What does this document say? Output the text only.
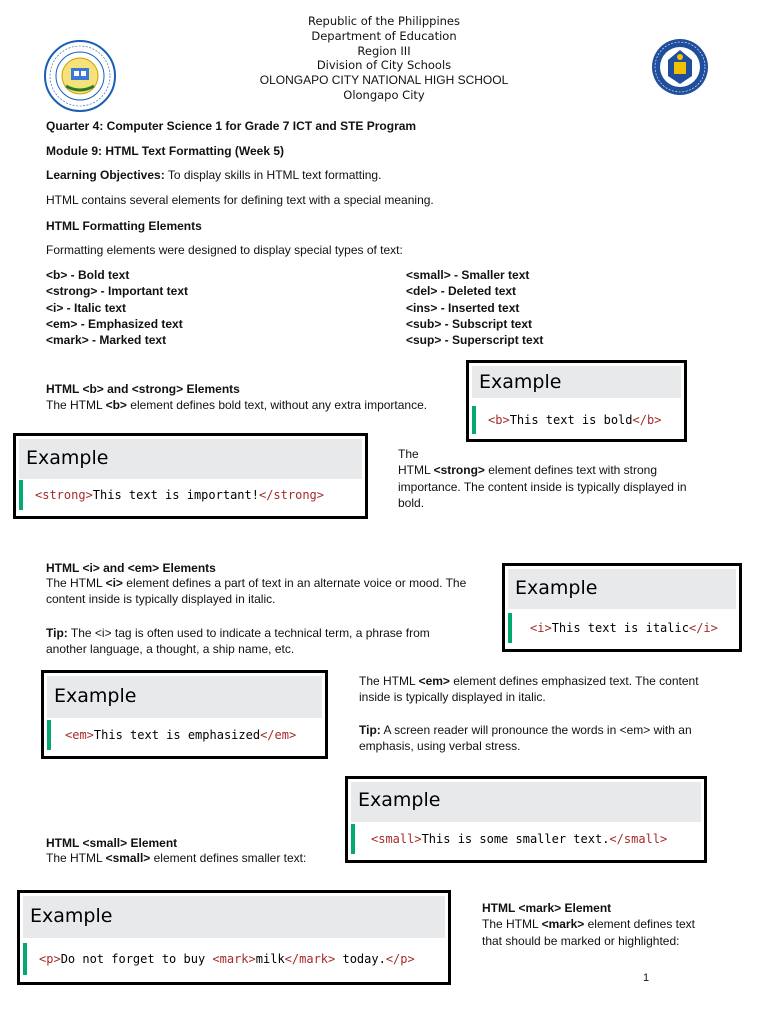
Republic of the Philippines
Department of Education
Region III
Division of City Schools
OLONGAPO CITY NATIONAL HIGH SCHOOL
Olongapo City
Quarter 4: Computer Science 1 for Grade 7 ICT and STE Program
Module 9: HTML Text Formatting (Week 5)
Learning Objectives: To display skills in HTML text formatting.
HTML contains several elements for defining text with a special meaning.
HTML Formatting Elements
Formatting elements were designed to display special types of text:
<b> - Bold text
<strong> - Important text
<i> - Italic text
<em> - Emphasized text
<mark> - Marked text
<small> - Smaller text
<del> - Deleted text
<ins> - Inserted text
<sub> - Subscript text
<sup> - Superscript text
HTML <b> and <strong> Elements
The HTML <b> element defines bold text, without any extra importance.
Example
<b>This text is bold</b>
Example
<strong>This text is important!</strong>
The
HTML <strong> element defines text with strong
importance. The content inside is typically displayed in
bold.
HTML <i> and <em> Elements
The HTML <i> element defines a part of text in an alternate voice or mood. The
content inside is typically displayed in italic.
Tip: The <i> tag is often used to indicate a technical term, a phrase from
another language, a thought, a ship name, etc.
Example
<i>This text is italic</i>
Example
<em>This text is emphasized</em>
The HTML <em> element defines emphasized text. The content
inside is typically displayed in italic.
Tip: A screen reader will pronounce the words in <em> with an
emphasis, using verbal stress.
Example
<small>This is some smaller text.</small>
HTML <small> Element
The HTML <small> element defines smaller text:
Example
<p>Do not forget to buy <mark>milk</mark> today.</p>
HTML <mark> Element
The HTML <mark> element defines text
that should be marked or highlighted:
1
